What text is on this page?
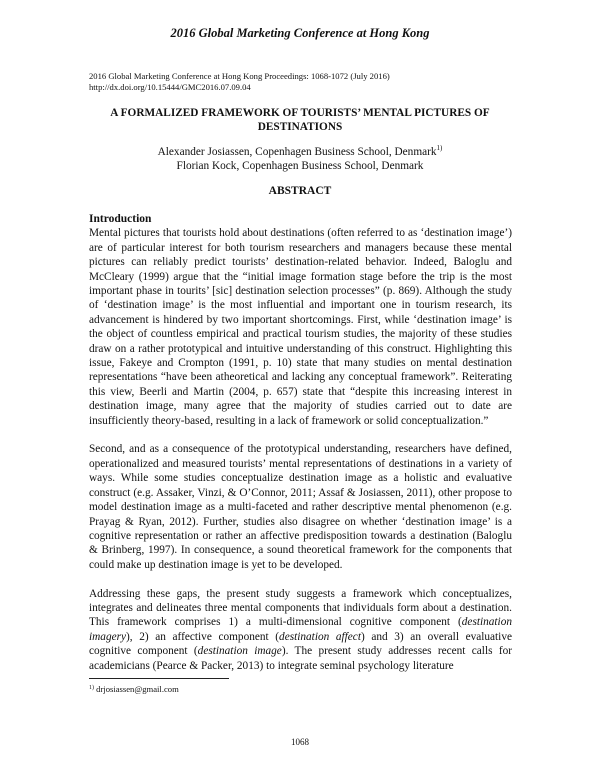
2016 Global Marketing Conference at Hong Kong
2016 Global Marketing Conference at Hong Kong Proceedings: 1068-1072 (July 2016)
http://dx.doi.org/10.15444/GMC2016.07.09.04
A FORMALIZED FRAMEWORK OF TOURISTS’ MENTAL PICTURES OF DESTINATIONS
Alexander Josiassen, Copenhagen Business School, Denmark$^{1)}$
Florian Kock, Copenhagen Business School, Denmark
ABSTRACT
Introduction

Mental pictures that tourists hold about destinations (often referred to as ‘destination image’) are of particular interest for both tourism researchers and managers because these mental pictures can reliably predict tourists’ destination-related behavior. Indeed, Baloglu and McCleary (1999) argue that the “initial image formation stage before the trip is the most important phase in tourits’ [sic] destination selection processes” (p. 869). Although the study of ‘destination image’ is the most influential and important one in tourism research, its advancement is hindered by two important shortcomings. First, while ‘destination image’ is the object of countless empirical and practical tourism studies, the majority of these studies draw on a rather prototypical and intuitive understanding of this construct. Highlighting this issue, Fakeye and Crompton (1991, p. 10) state that many studies on mental destination representations “have been atheoretical and lacking any conceptual framework”. Reiterating this view, Beerli and Martin (2004, p. 657) state that “despite this increasing interest in destination image, many agree that the majority of studies carried out to date are insufficiently theory-based, resulting in a lack of framework or solid conceptualization.”

Second, and as a consequence of the prototypical understanding, researchers have defined, operationalized and measured tourists’ mental representations of destinations in a variety of ways. While some studies conceptualize destination image as a holistic and evaluative construct (e.g. Assaker, Vinzi, & O’Connor, 2011; Assaf & Josiassen, 2011), other propose to model destination image as a multi-faceted and rather descriptive mental phenomenon (e.g. Prayag & Ryan, 2012). Further, studies also disagree on whether ‘destination image’ is a cognitive representation or rather an affective predisposition towards a destination (Baloglu & Brinberg, 1997). In consequence, a sound theoretical framework for the components that could make up destination image is yet to be developed.

Addressing these gaps, the present study suggests a framework which conceptualizes, integrates and delineates three mental components that individuals form about a destination. This framework comprises 1) a multi-dimensional cognitive component (destination imagery), 2) an affective component (destination affect) and 3) an overall evaluative cognitive component (destination image). The present study addresses recent calls for academicians (Pearce & Packer, 2013) to integrate seminal psychology literature

$^{1)}$ drjosiassen@gmail.com
1068
